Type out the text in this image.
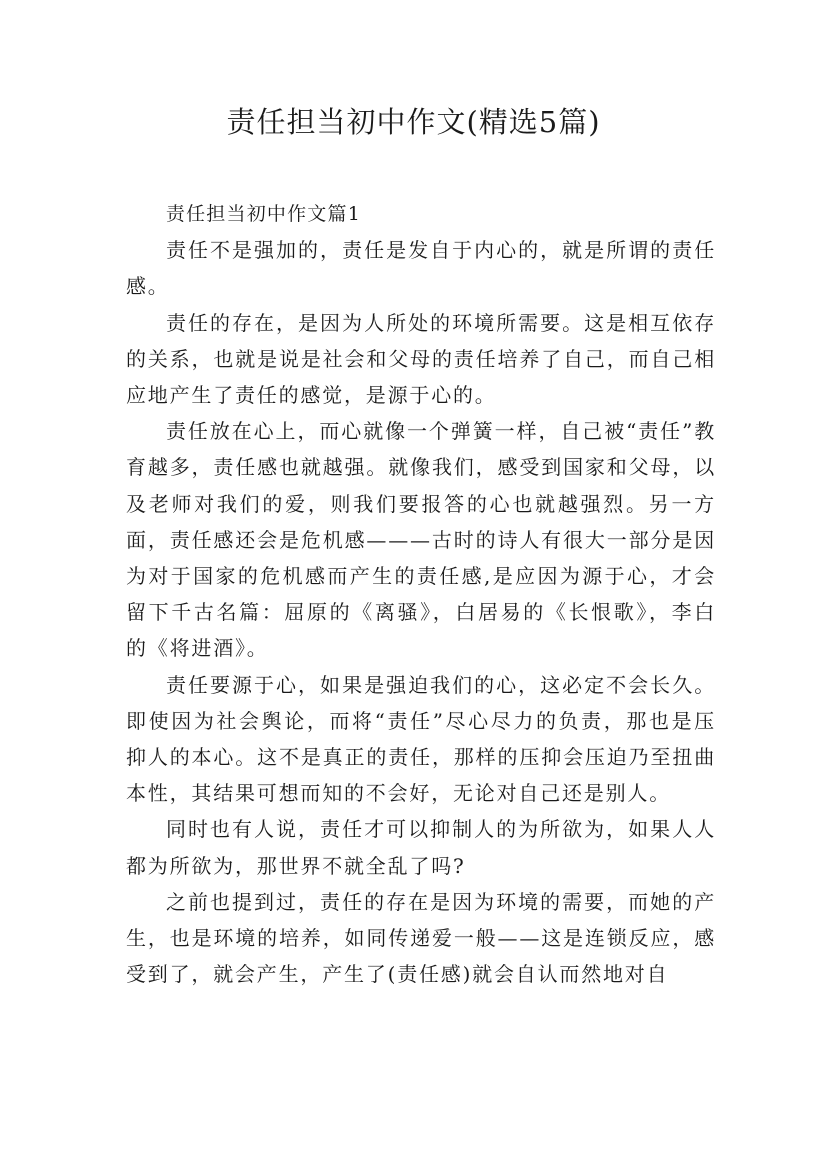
责任担当初中作文(精选5篇)

责任担当初中作文篇1

责任不是强加的，责任是发自于内心的，就是所谓的责任感。

责任的存在，是因为人所处的环境所需要。这是相互依存的关系，也就是说是社会和父母的责任培养了自己，而自己相应地产生了责任的感觉，是源于心的。

责任放在心上，而心就像一个弹簧一样，自己被“责任”教育越多，责任感也就越强。就像我们，感受到国家和父母，以及老师对我们的爱，则我们要报答的心也就越强烈。另一方面，责任感还会是危机感———古时的诗人有很大一部分是因为对于国家的危机感而产生的责任感,是应因为源于心，才会留下千古名篇：屈原的《离骚》，白居易的《长恨歌》，李白的《将进酒》。

责任要源于心，如果是强迫我们的心，这必定不会长久。即使因为社会舆论，而将“责任”尽心尽力的负责，那也是压抑人的本心。这不是真正的责任，那样的压抑会压迫乃至扭曲本性，其结果可想而知的不会好，无论对自己还是别人。

同时也有人说，责任才可以抑制人的为所欲为，如果人人都为所欲为，那世界不就全乱了吗?

之前也提到过，责任的存在是因为环境的需要，而她的产生，也是环境的培养，如同传递爱一般——这是连锁反应，感受到了，就会产生，产生了(责任感)就会自认而然地对自
